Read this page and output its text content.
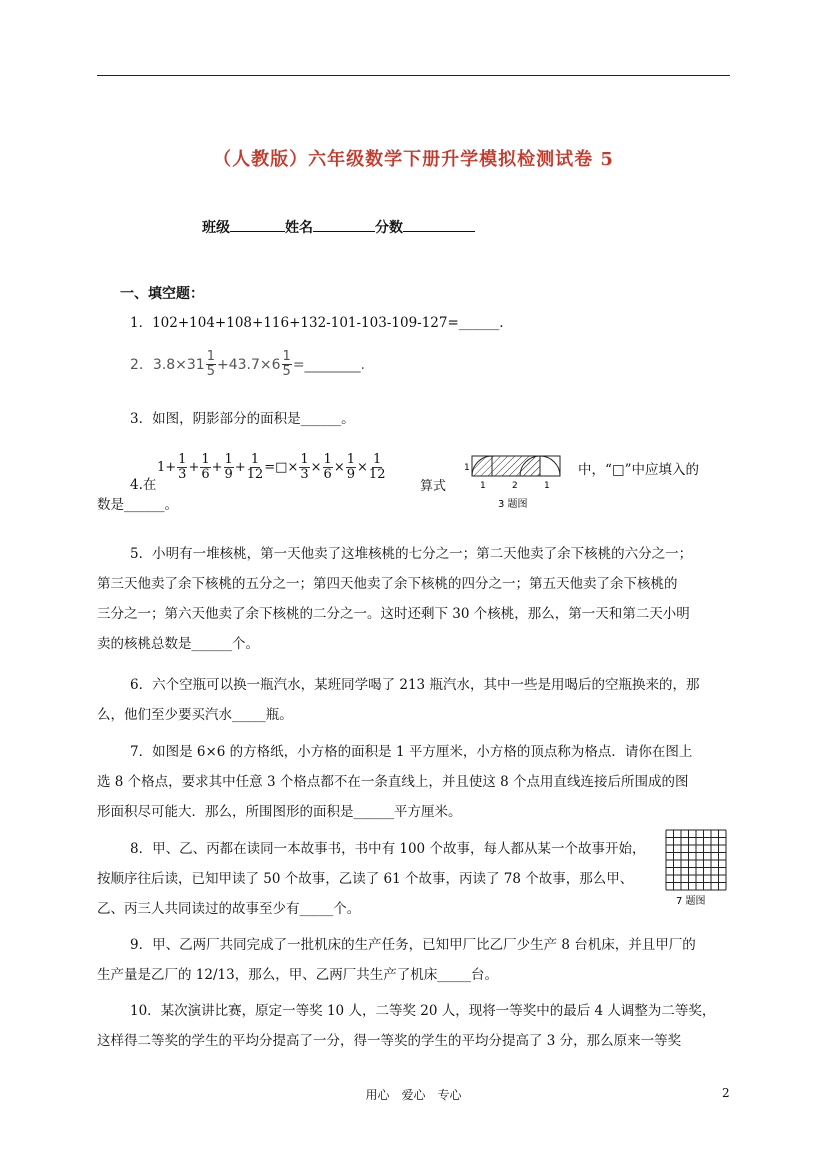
（人教版）六年级数学下册升学模拟检测试卷 5
班级	姓名	分数
一、填空题：
1．102+104+108+116+132-101-103-109-127=______.
2．$3.8\times 31 \frac{1}{5} +43.7\times 6 \frac{1}{5}$ =________.
3．如图，阴影部分的面积是______。
4.在
$1+ \frac{1}{3} + \frac{1}{6} + \frac{1}{9} + \frac{1}{12}$ =□× $\frac{1}{3} \times \frac{1}{6} \times \frac{1}{9} \times \frac{1}{12}$
算式
中，“□”中应填入的
数是______。
1
1	2	1
3 题图
5．小明有一堆核桃，第一天他卖了这堆核桃的七分之一；第二天他卖了余下核桃的六分之一；
第三天他卖了余下核桃的五分之一；第四天他卖了余下核桃的四分之一；第五天他卖了余下核桃的
三分之一；第六天他卖了余下核桃的二分之一。这时还剩下 30 个核桃，那么，第一天和第二天小明
卖的核桃总数是______个。
6．六个空瓶可以换一瓶汽水，某班同学喝了 213 瓶汽水，其中一些是用喝后的空瓶换来的，那
么，他们至少要买汽水_____瓶。
7．如图是 6×6 的方格纸，小方格的面积是 1 平方厘米，小方格的顶点称为格点．请你在图上
选 8 个格点，要求其中任意 3 个格点都不在一条直线上，并且使这 8 个点用直线连接后所围成的图
形面积尽可能大．那么，所围图形的面积是______平方厘米。
8．甲、乙、丙都在读同一本故事书，书中有 100 个故事，每人都从某一个故事开始，
按顺序往后读，已知甲读了 50 个故事，乙读了 61 个故事，丙读了 78 个故事，那么甲、
乙、丙三人共同读过的故事至少有_____个。	7 题图
9．甲、乙两厂共同完成了一批机床的生产任务，已知甲厂比乙厂少生产 8 台机床，并且甲厂的
生产量是乙厂的 12/13，那么，甲、乙两厂共生产了机床_____台。
10．某次演讲比赛，原定一等奖 10 人，二等奖 20 人，现将一等奖中的最后 4 人调整为二等奖，
这样得二等奖的学生的平均分提高了一分，得一等奖的学生的平均分提高了 3 分，那么原来一等奖
用心　爱心　专心	2
